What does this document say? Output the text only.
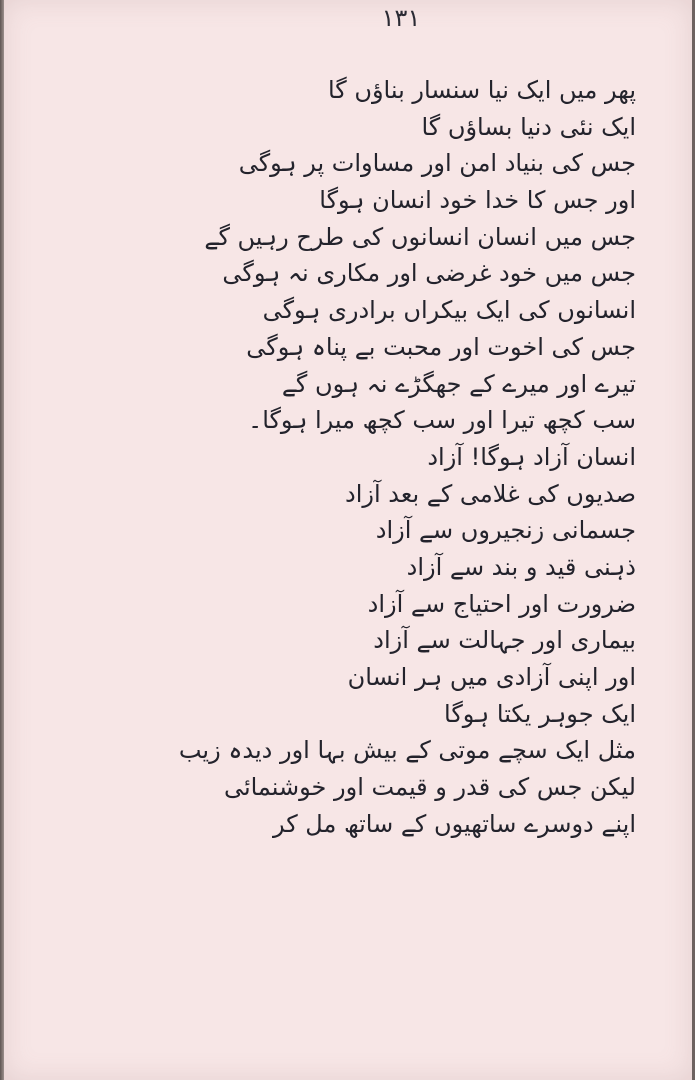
۱۳۱
پھر میں ایک نیا سنسار بناؤں گا
ایک نئی دنیا بساؤں گا
جس کی بنیاد امن اور مساوات پر ہوگی
اور جس کا خدا خود انسان ہوگا
جس میں انسان انسانوں کی طرح رہیں گے
جس میں خود غرضی اور مکاری نہ ہوگی
انسانوں کی ایک بیکراں برادری ہوگی
جس کی اخوت اور محبت بے پناہ ہوگی
تیرے اور میرے کے جھگڑے نہ ہوں گے
سب کچھ تیرا اور سب کچھ میرا ہوگا۔
انسان آزاد ہوگا! آزاد
صدیوں کی غلامی کے بعد آزاد
جسمانی زنجیروں سے آزاد
ذہنی قید و بند سے آزاد
ضرورت اور احتیاج سے آزاد
بیماری اور جہالت سے آزاد
اور اپنی آزادی میں ہر انسان
ایک جوہر یکتا ہوگا
مثل ایک سچے موتی کے بیش بہا اور دیدہ زیب
لیکن جس کی قدر و قیمت اور خوشنمائی
اپنے دوسرے ساتھیوں کے ساتھ مل کر
